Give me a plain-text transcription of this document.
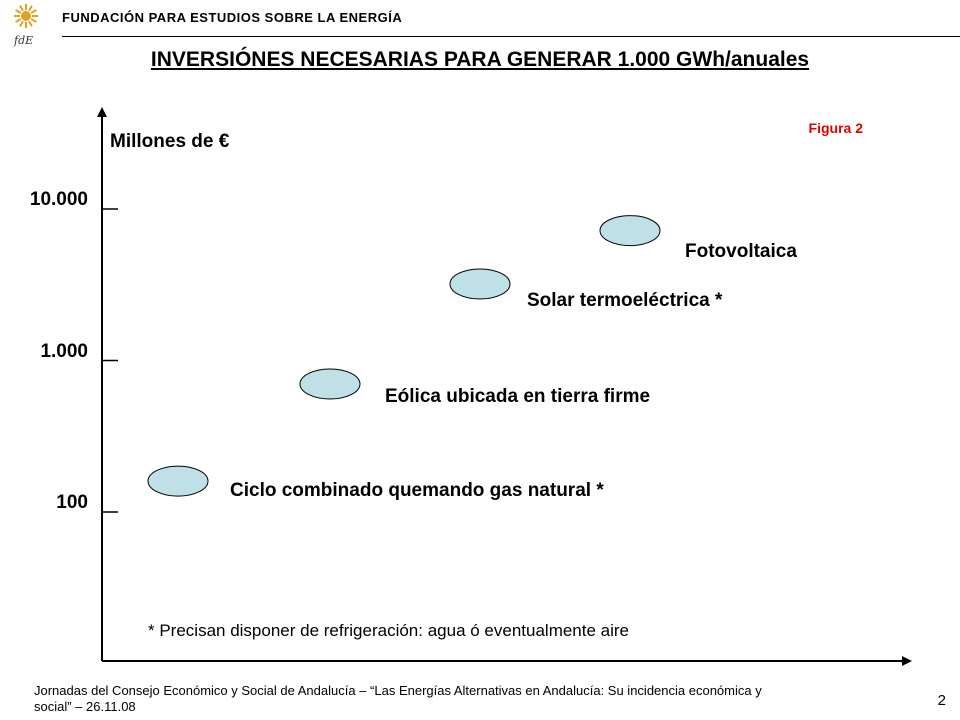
fdE
FUNDACIÓN PARA ESTUDIOS SOBRE LA ENERGÍA
INVERSIÓNES NECESARIAS PARA GENERAR 1.000 GWh/anuales
Figura 2
Millones de €
100
1.000
10.000
Ciclo combinado quemando gas natural *
Eólica ubicada en tierra firme
Solar termoeléctrica *
Fotovoltaica
* Precisan disponer de refrigeración: agua ó eventualmente aire
Jornadas del Consejo Económico y Social de Andalucía – “Las Energías Alternativas en Andalucía: Su incidencia económica y social” – 26.11.08	2
